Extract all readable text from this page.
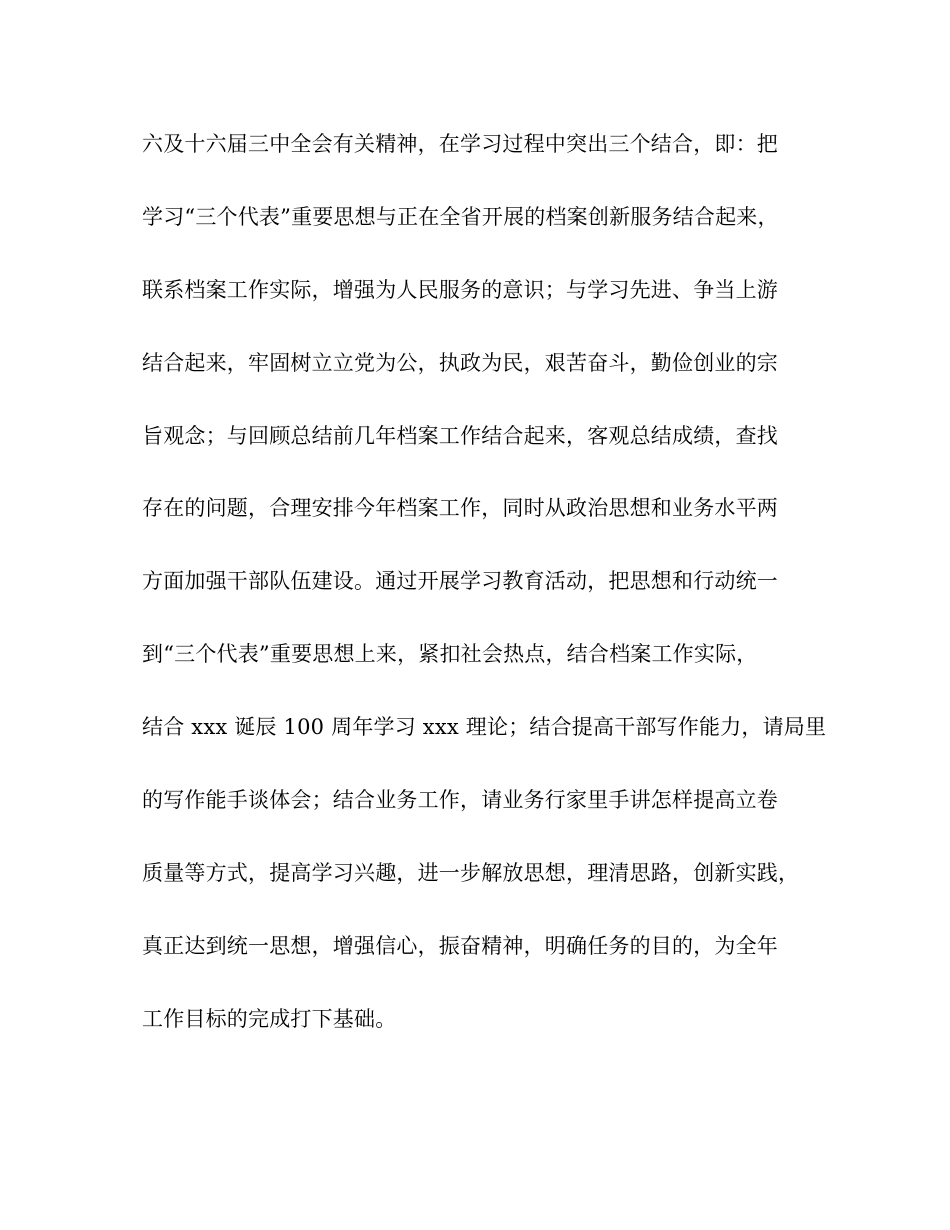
六及十六届三中全会有关精神，在学习过程中突出三个结合，即：把
学习“三个代表”重要思想与正在全省开展的档案创新服务结合起来，
联系档案工作实际，增强为人民服务的意识；与学习先进、争当上游
结合起来，牢固树立立党为公，执政为民，艰苦奋斗，勤俭创业的宗
旨观念；与回顾总结前几年档案工作结合起来，客观总结成绩，查找
存在的问题，合理安排今年档案工作，同时从政治思想和业务水平两
方面加强干部队伍建设。通过开展学习教育活动，把思想和行动统一
到“三个代表”重要思想上来，紧扣社会热点，结合档案工作实际，
结合 xxx 诞辰 100 周年学习 xxx 理论；结合提高干部写作能力，请局里
的写作能手谈体会；结合业务工作，请业务行家里手讲怎样提高立卷
质量等方式，提高学习兴趣，进一步解放思想，理清思路，创新实践，
真正达到统一思想，增强信心，振奋精神，明确任务的目的，为全年
工作目标的完成打下基础。
